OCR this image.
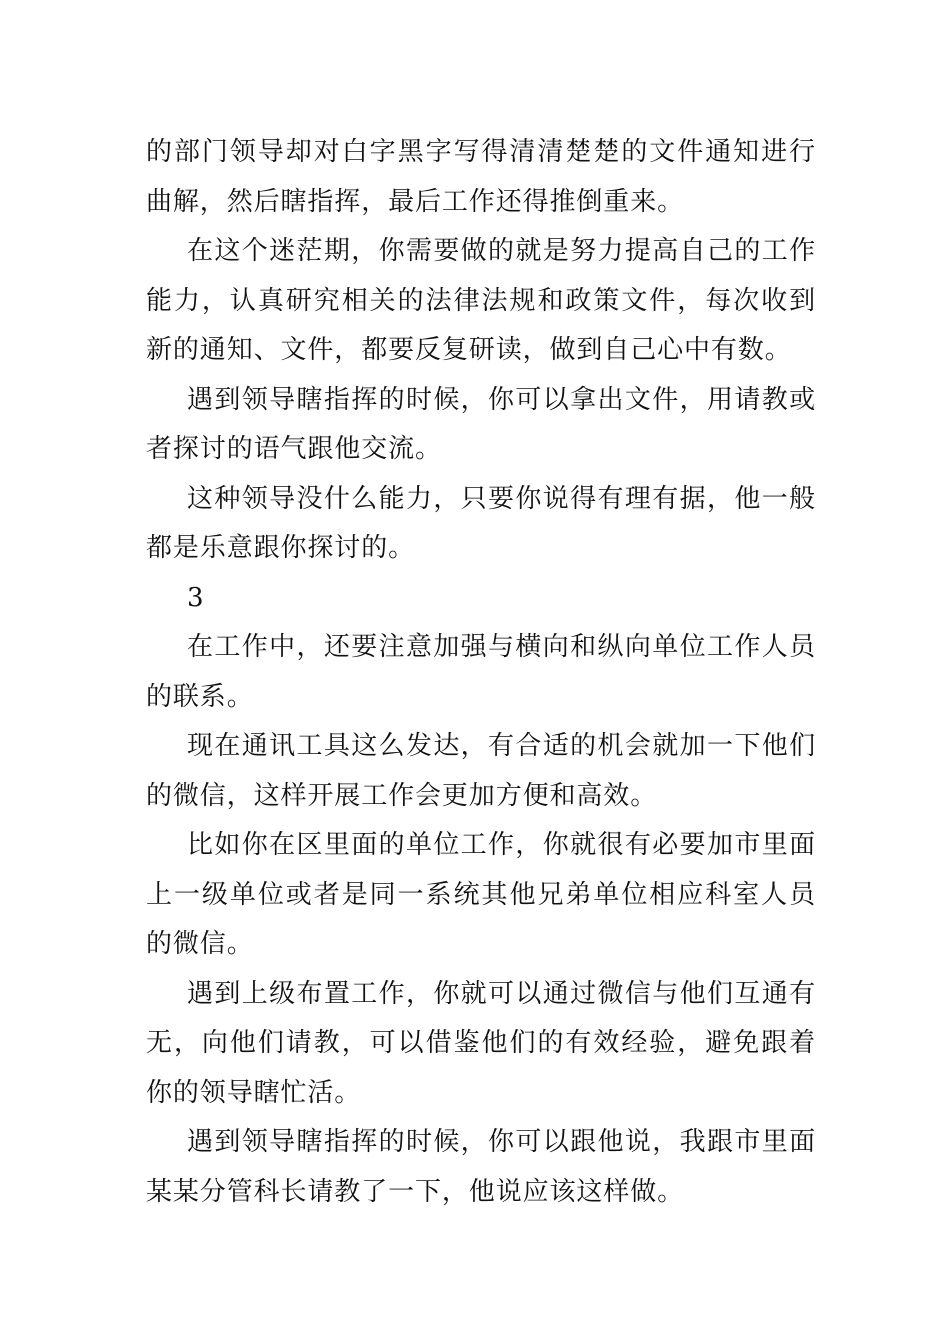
的部门领导却对白字黑字写得清清楚楚的文件通知进行曲解，然后瞎指挥，最后工作还得推倒重来。

在这个迷茫期，你需要做的就是努力提高自己的工作能力，认真研究相关的法律法规和政策文件，每次收到新的通知、文件，都要反复研读，做到自己心中有数。

遇到领导瞎指挥的时候，你可以拿出文件，用请教或者探讨的语气跟他交流。

这种领导没什么能力，只要你说得有理有据，他一般都是乐意跟你探讨的。

3

在工作中，还要注意加强与横向和纵向单位工作人员的联系。

现在通讯工具这么发达，有合适的机会就加一下他们的微信，这样开展工作会更加方便和高效。

比如你在区里面的单位工作，你就很有必要加市里面上一级单位或者是同一系统其他兄弟单位相应科室人员的微信。

遇到上级布置工作，你就可以通过微信与他们互通有无，向他们请教，可以借鉴他们的有效经验，避免跟着你的领导瞎忙活。

遇到领导瞎指挥的时候，你可以跟他说，我跟市里面某某分管科长请教了一下，他说应该这样做。
